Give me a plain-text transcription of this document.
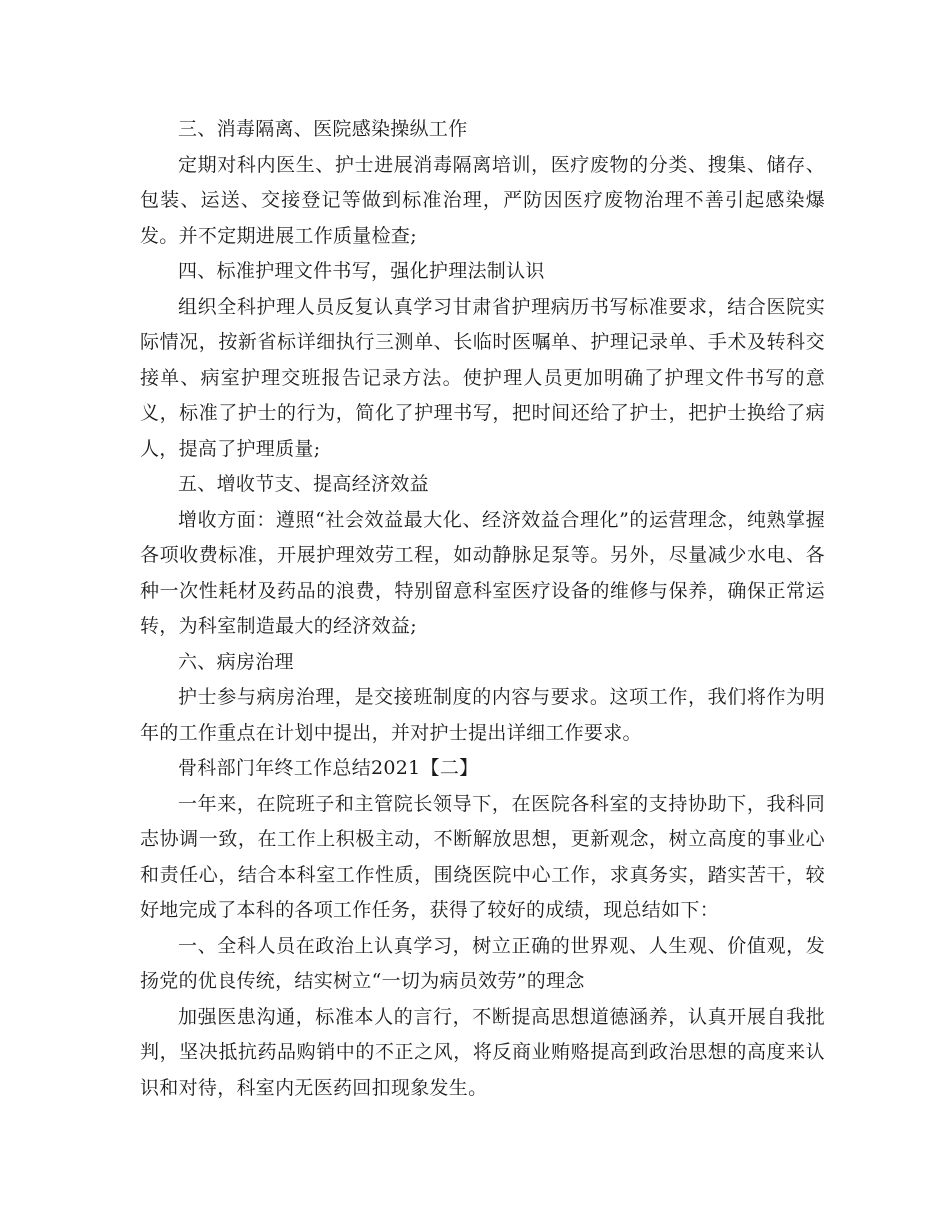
三、消毒隔离、医院感染操纵工作

定期对科内医生、护士进展消毒隔离培训，医疗废物的分类、搜集、储存、包装、运送、交接登记等做到标准治理，严防因医疗废物治理不善引起感染爆发。并不定期进展工作质量检查;

四、标准护理文件书写，强化护理法制认识

组织全科护理人员反复认真学习甘肃省护理病历书写标准要求，结合医院实际情况，按新省标详细执行三测单、长临时医嘱单、护理记录单、手术及转科交接单、病室护理交班报告记录方法。使护理人员更加明确了护理文件书写的意义，标准了护士的行为，简化了护理书写，把时间还给了护士，把护士换给了病人，提高了护理质量;

五、增收节支、提高经济效益

增收方面：遵照“社会效益最大化、经济效益合理化”的运营理念，纯熟掌握各项收费标准，开展护理效劳工程，如动静脉足泵等。另外，尽量减少水电、各种一次性耗材及药品的浪费，特别留意科室医疗设备的维修与保养，确保正常运转，为科室制造最大的经济效益;

六、病房治理

护士参与病房治理，是交接班制度的内容与要求。这项工作，我们将作为明年的工作重点在计划中提出，并对护士提出详细工作要求。

骨科部门年终工作总结2021【二】

一年来，在院班子和主管院长领导下，在医院各科室的支持协助下，我科同志协调一致，在工作上积极主动，不断解放思想，更新观念，树立高度的事业心和责任心，结合本科室工作性质，围绕医院中心工作，求真务实，踏实苦干，较好地完成了本科的各项工作任务，获得了较好的成绩，现总结如下：

一、全科人员在政治上认真学习，树立正确的世界观、人生观、价值观，发扬党的优良传统，结实树立“一切为病员效劳”的理念

加强医患沟通，标准本人的言行，不断提高思想道德涵养，认真开展自我批判，坚决抵抗药品购销中的不正之风，将反商业贿赂提高到政治思想的高度来认识和对待，科室内无医药回扣现象发生。
